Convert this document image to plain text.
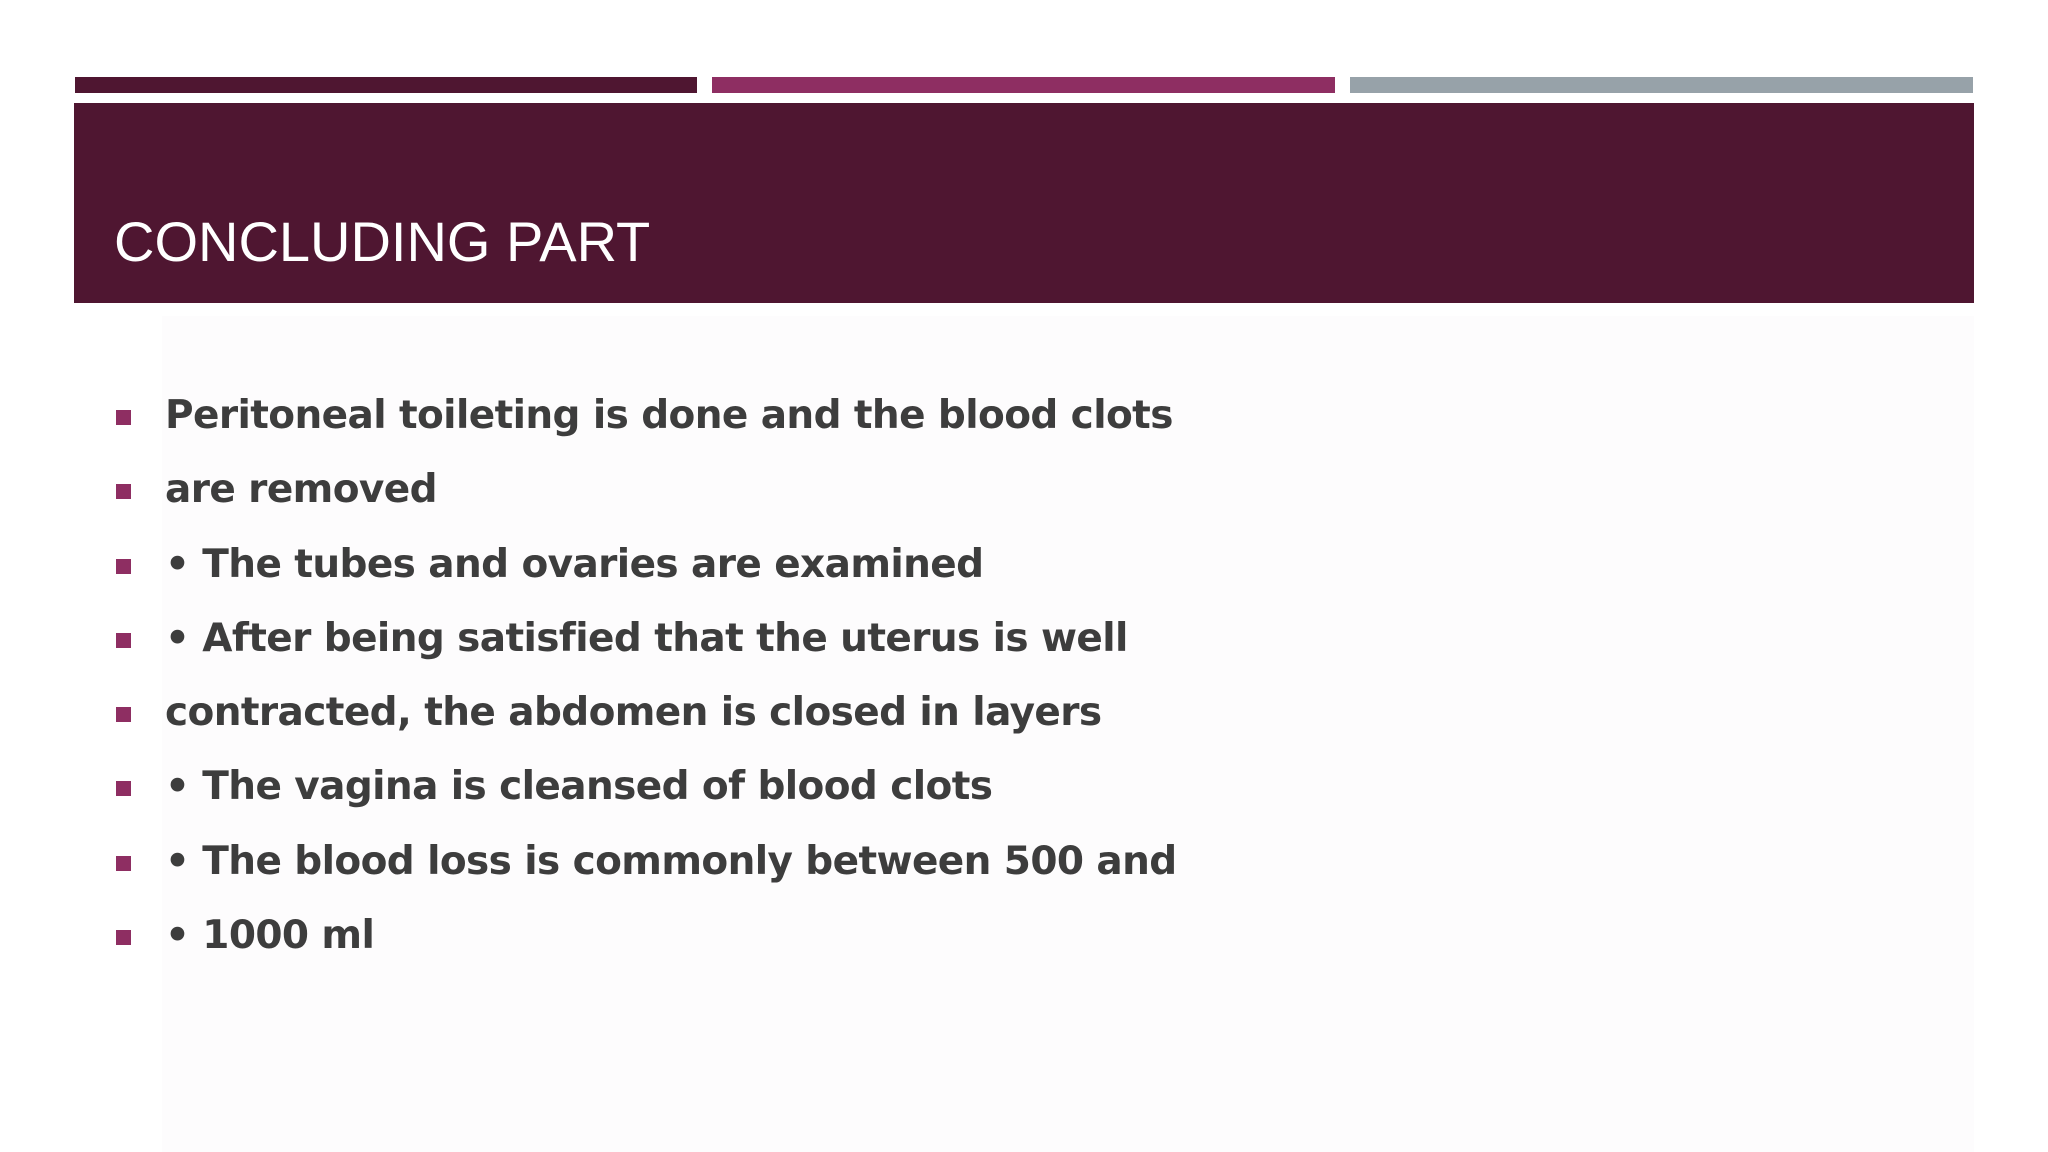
CONCLUDING PART
Peritoneal toileting is done and the blood clots
are removed
• The tubes and ovaries are examined
• After being satisfied that the uterus is well
contracted, the abdomen is closed in layers
• The vagina is cleansed of blood clots
• The blood loss is commonly between 500 and
• 1000 ml
